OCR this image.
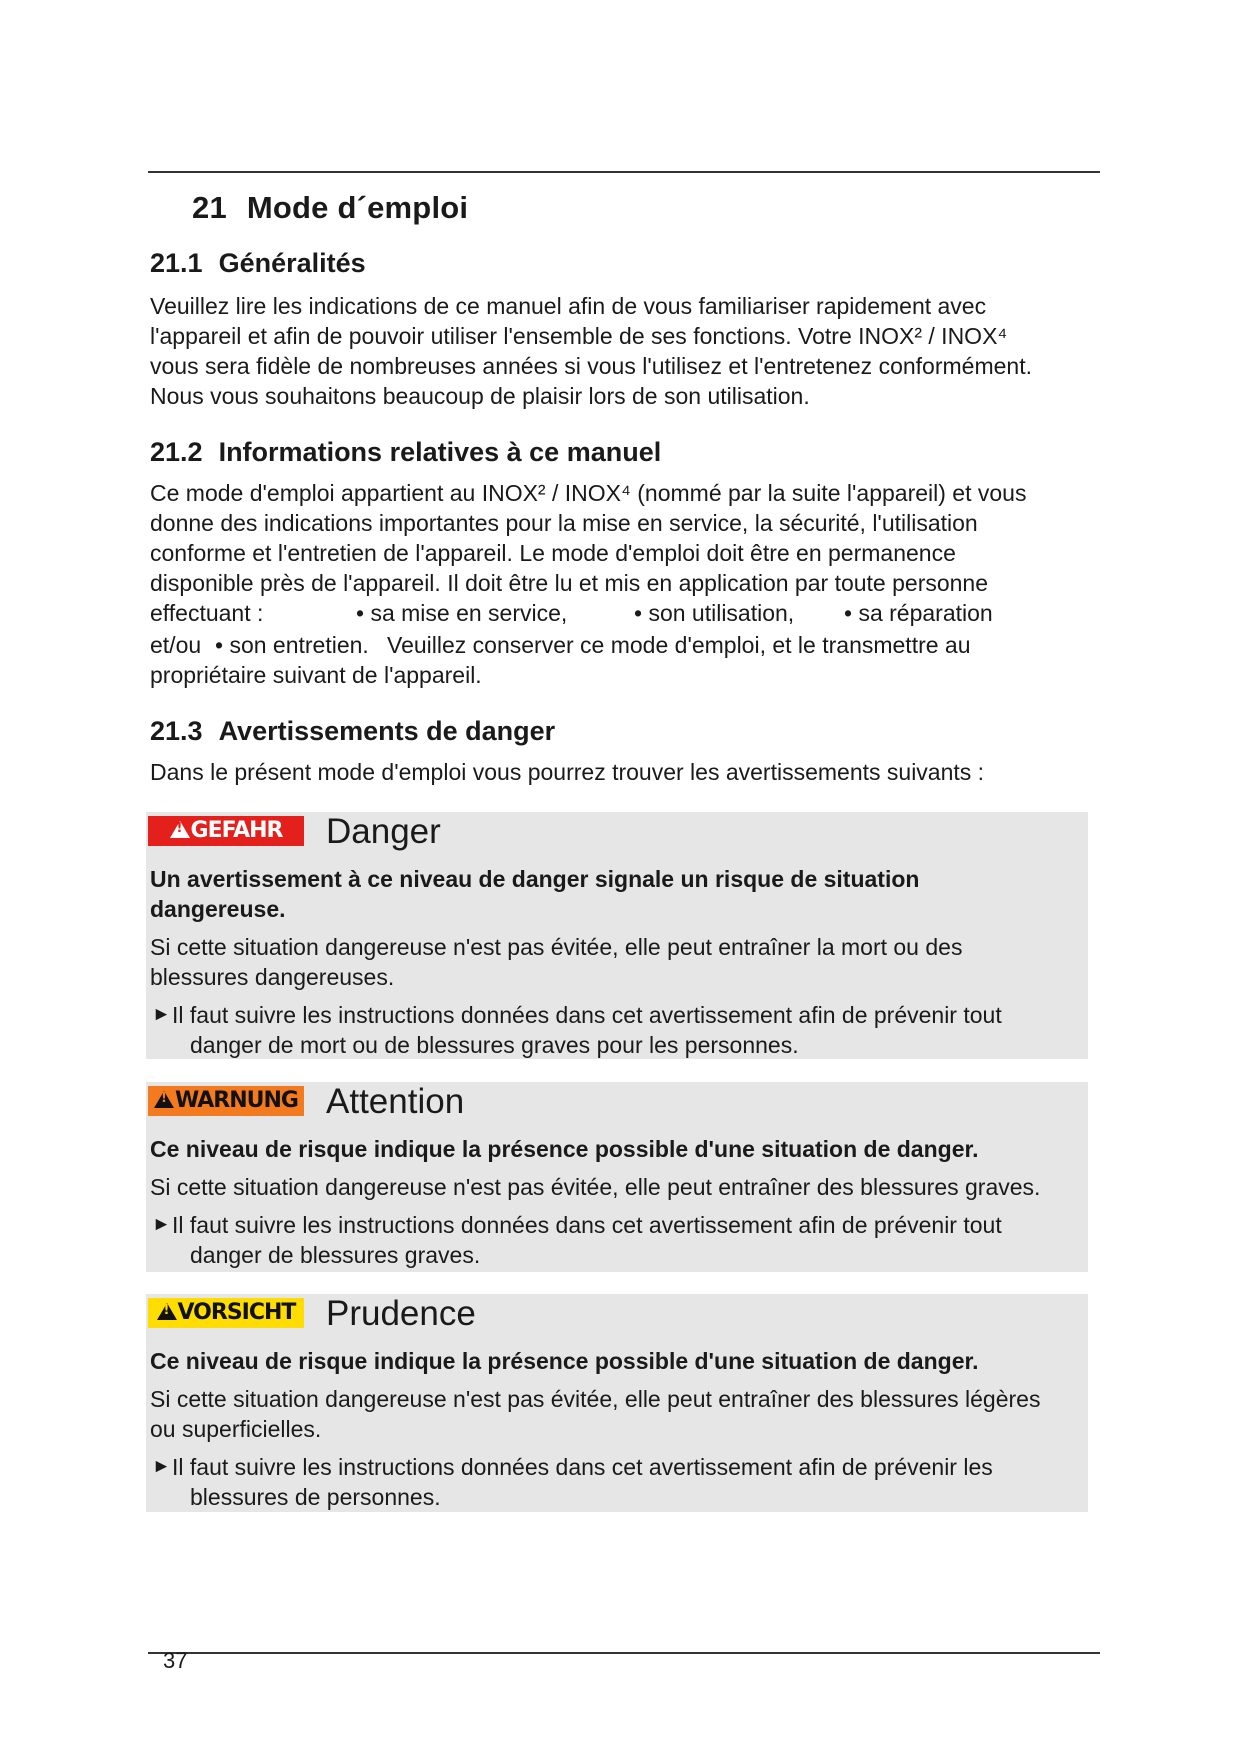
21 Mode d´emploi
21.1 Généralités

Veuillez lire les indications de ce manuel afin de vous familiariser rapidement avec

l'appareil et afin de pouvoir utiliser l'ensemble de ses fonctions. Votre INOX² / INOX⁴

vous sera fidèle de nombreuses années si vous l'utilisez et l'entretenez conformément.

Nous vous souhaitons beaucoup de plaisir lors de son utilisation.

21.2 Informations relatives à ce manuel

Ce mode d'emploi appartient au INOX² / INOX⁴ (nommé par la suite l'appareil) et vous

donne des indications importantes pour la mise en service, la sécurité, l'utilisation

conforme et l'entretien de l'appareil. Le mode d'emploi doit être en permanence

disponible près de l'appareil. Il doit être lu et mis en application par toute personne

effectuant :	• sa mise en service,	• son utilisation,	• sa réparation
et/ou • son entretien. Veuillez conserver ce mode d'emploi, et le transmettre au

propriétaire suivant de l'appareil.

21.3 Avertissements de danger

Dans le présent mode d'emploi vous pourrez trouver les avertissements suivants :

!GEFAHR	Danger
Un avertissement à ce niveau de danger signale un risque de situation
dangereuse.
Si cette situation dangereuse n'est pas évitée, elle peut entraîner la mort ou des
blessures dangereuses.
► Il faut suivre les instructions données dans cet avertissement afin de prévenir tout
danger de mort ou de blessures graves pour les personnes.
!WARNUNG Attention
Ce niveau de risque indique la présence possible d'une situation de danger.
Si cette situation dangereuse n'est pas évitée, elle peut entraîner des blessures graves.
► Il faut suivre les instructions données dans cet avertissement afin de prévenir tout
danger de blessures graves.
!VORSICHT Prudence
Ce niveau de risque indique la présence possible d'une situation de danger.
Si cette situation dangereuse n'est pas évitée, elle peut entraîner des blessures légères
ou superficielles.
► Il faut suivre les instructions données dans cet avertissement afin de prévenir les
blessures de personnes.
37
